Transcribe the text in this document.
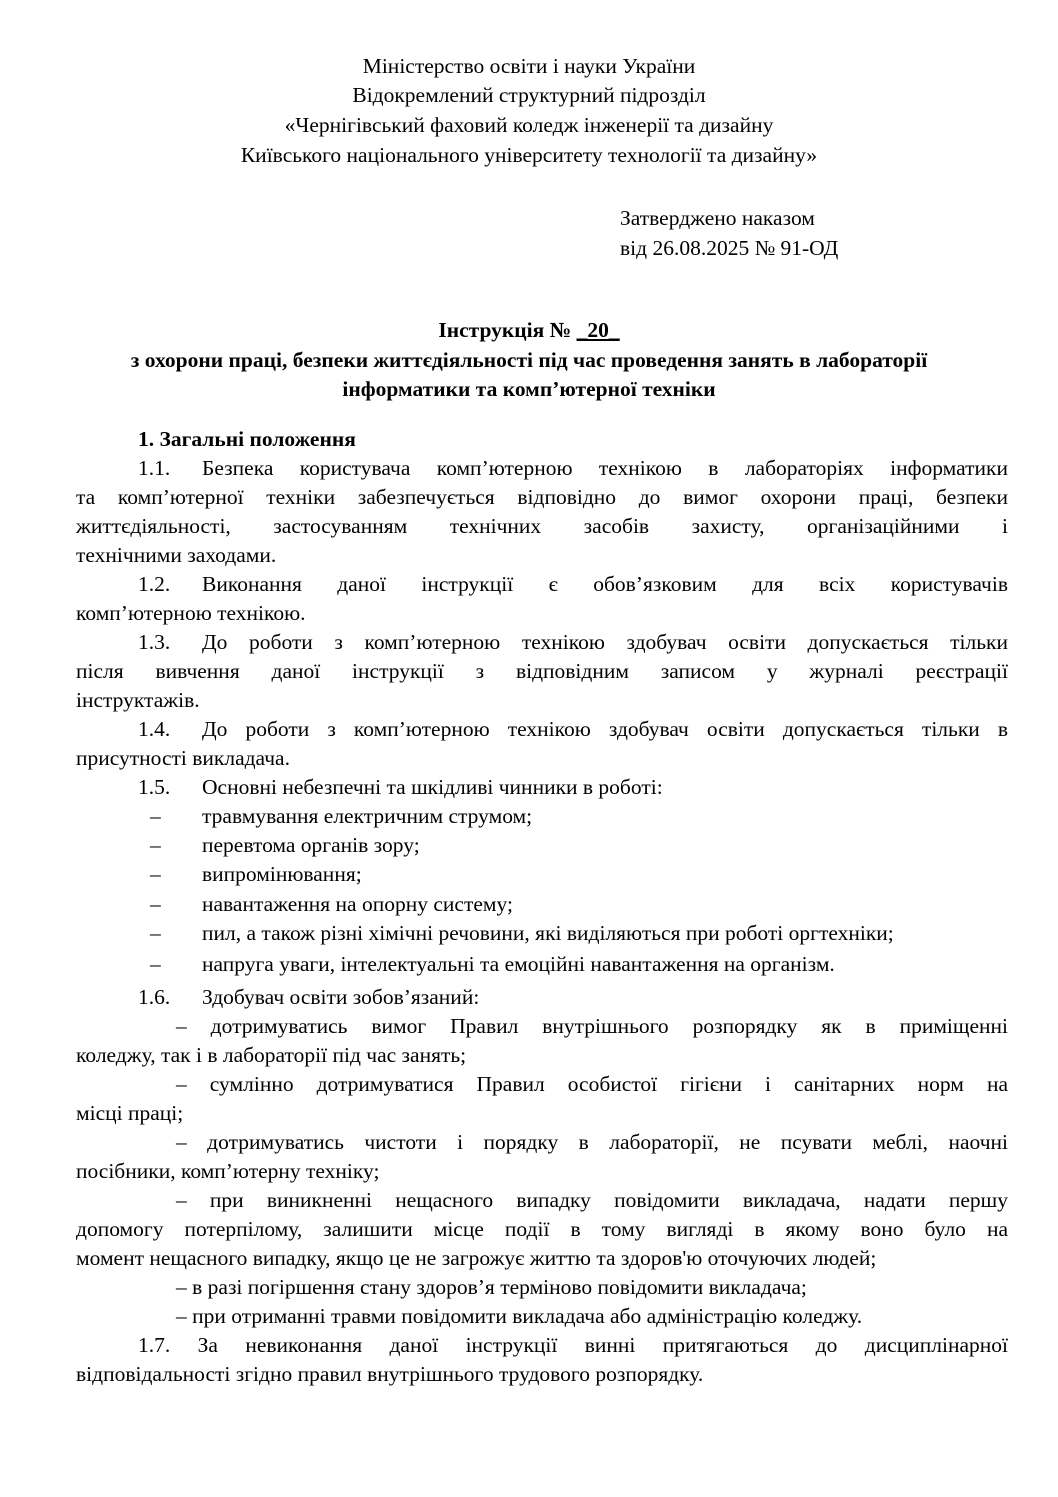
Міністерство освіти і науки України
Відокремлений структурний підрозділ
«Чернігівський фаховий коледж інженерії та дизайну
Київського національного університету технології та дизайну»
Затверджено наказом
від 26.08.2025 № 91-ОД
Інструкція № _20_
з охорони праці, безпеки життєдіяльності під час проведення занять в лабораторії
інформатики та комп’ютерної техніки
1. Загальні положення
1.1. Безпека користувача комп’ютерною технікою в лабораторіях інформатики
та комп’ютерної техніки забезпечується відповідно до вимог охорони праці, безпеки
життєдіяльності, застосуванням технічних засобів захисту, організаційними і
технічними заходами.
1.2. Виконання даної інструкції є обов’язковим для всіх користувачів
комп’ютерною технікою.
1.3. До роботи з комп’ютерною технікою здобувач освіти допускається тільки
після вивчення даної інструкції з відповідним записом у журналі реєстрації
інструктажів.
1.4. До роботи з комп’ютерною технікою здобувач освіти допускається тільки в
присутності викладача.
1.5. Основні небезпечні та шкідливі чинники в роботі:
–	травмування електричним струмом;
–	перевтома органів зору;
–	випромінювання;
–	навантаження на опорну систему;
–	пил, а також різні хімічні речовини, які виділяються при роботі оргтехніки;
–	напруга уваги, інтелектуальні та емоційні навантаження на організм.
1.6. Здобувач освіти зобов’язаний:
– дотримуватись вимог Правил внутрішнього розпорядку як в приміщенні
коледжу, так і в лабораторії під час занять;
– сумлінно дотримуватися Правил особистої гігієни і санітарних норм на
місці праці;
– дотримуватись чистоти і порядку в лабораторії, не псувати меблі, наочні
посібники, комп’ютерну техніку;
– при виникненні нещасного випадку повідомити викладача, надати першу
допомогу потерпілому, залишити місце події в тому вигляді в якому воно було на
момент нещасного випадку, якщо це не загрожує життю та здоров'ю оточуючих людей;
– в разі погіршення стану здоров’я терміново повідомити викладача;
– при отриманні травми повідомити викладача або адміністрацію коледжу.
1.7. За невиконання даної інструкції винні притягаються до дисциплінарної
відповідальності згідно правил внутрішнього трудового розпорядку.
